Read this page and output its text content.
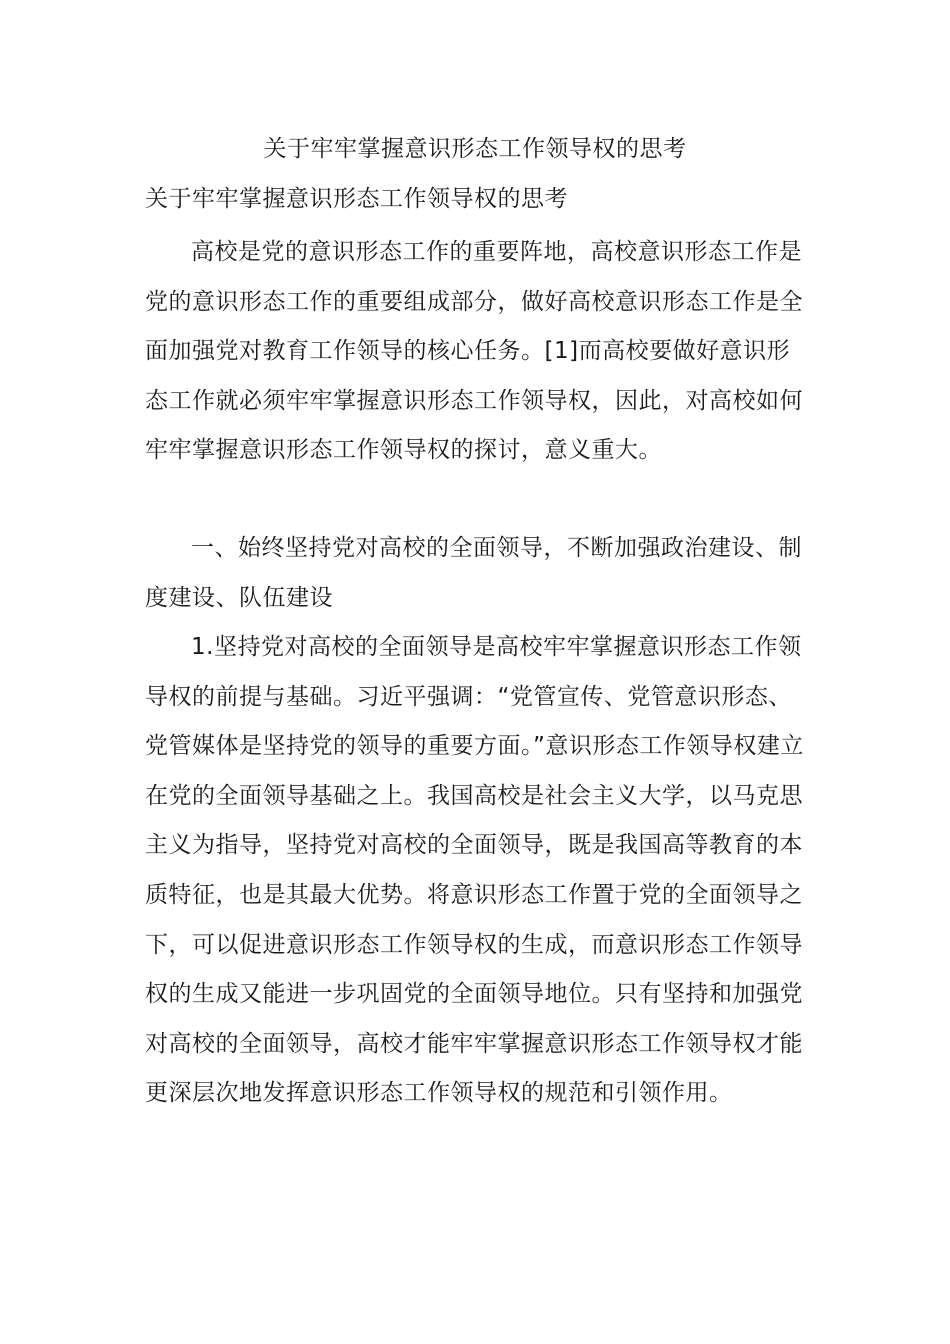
关于牢牢掌握意识形态工作领导权的思考

关于牢牢掌握意识形态工作领导权的思考

高校是党的意识形态工作的重要阵地，高校意识形态工作是党的意识形态工作的重要组成部分，做好高校意识形态工作是全面加强党对教育工作领导的核心任务。[1]而高校要做好意识形态工作就必须牢牢掌握意识形态工作领导权，因此，对高校如何牢牢掌握意识形态工作领导权的探讨，意义重大。

一、始终坚持党对高校的全面领导，不断加强政治建设、制度建设、队伍建设

1.坚持党对高校的全面领导是高校牢牢掌握意识形态工作领导权的前提与基础。习近平强调：“党管宣传、党管意识形态、党管媒体是坚持党的领导的重要方面。”意识形态工作领导权建立在党的全面领导基础之上。我国高校是社会主义大学，以马克思主义为指导，坚持党对高校的全面领导，既是我国高等教育的本质特征，也是其最大优势。将意识形态工作置于党的全面领导之下，可以促进意识形态工作领导权的生成，而意识形态工作领导权的生成又能进一步巩固党的全面领导地位。只有坚持和加强党对高校的全面领导，高校才能牢牢掌握意识形态工作领导权才能更深层次地发挥意识形态工作领导权的规范和引领作用。
